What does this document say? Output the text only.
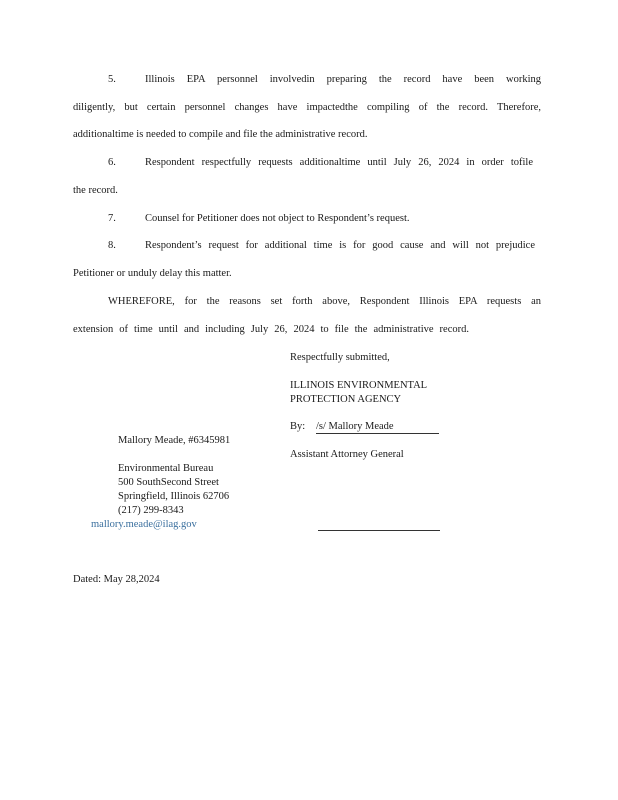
5.	Illinois EPA personnel involvedin preparing the record have been working
diligently, but certain personnel changes have impactedthe compiling of the record. Therefore,
additionaltime is needed to compile and file the administrative record.
6.	Respondent respectfully requests additionaltime until July 26, 2024 in order tofile
the record.
7.	Counsel for Petitioner does not object to Respondent’s request.
8.	Respondent’s request for additional time is for good cause and will not prejudice
Petitioner or unduly delay this matter.
WHEREFORE, for the reasons set forth above, Respondent Illinois EPA requests an
extension of time until and including July 26, 2024 to file the administrative record.
Respectfully submitted,
ILLINOIS ENVIRONMENTAL
PROTECTION AGENCY
By: /s/ Mallory Meade
Assistant Attorney General
Mallory Meade, #6345981
Environmental Bureau
500 SouthSecond Street
Springfield, Illinois 62706
(217) 299-8343
mallory.meade@ilag.gov
Dated: May 28,2024
